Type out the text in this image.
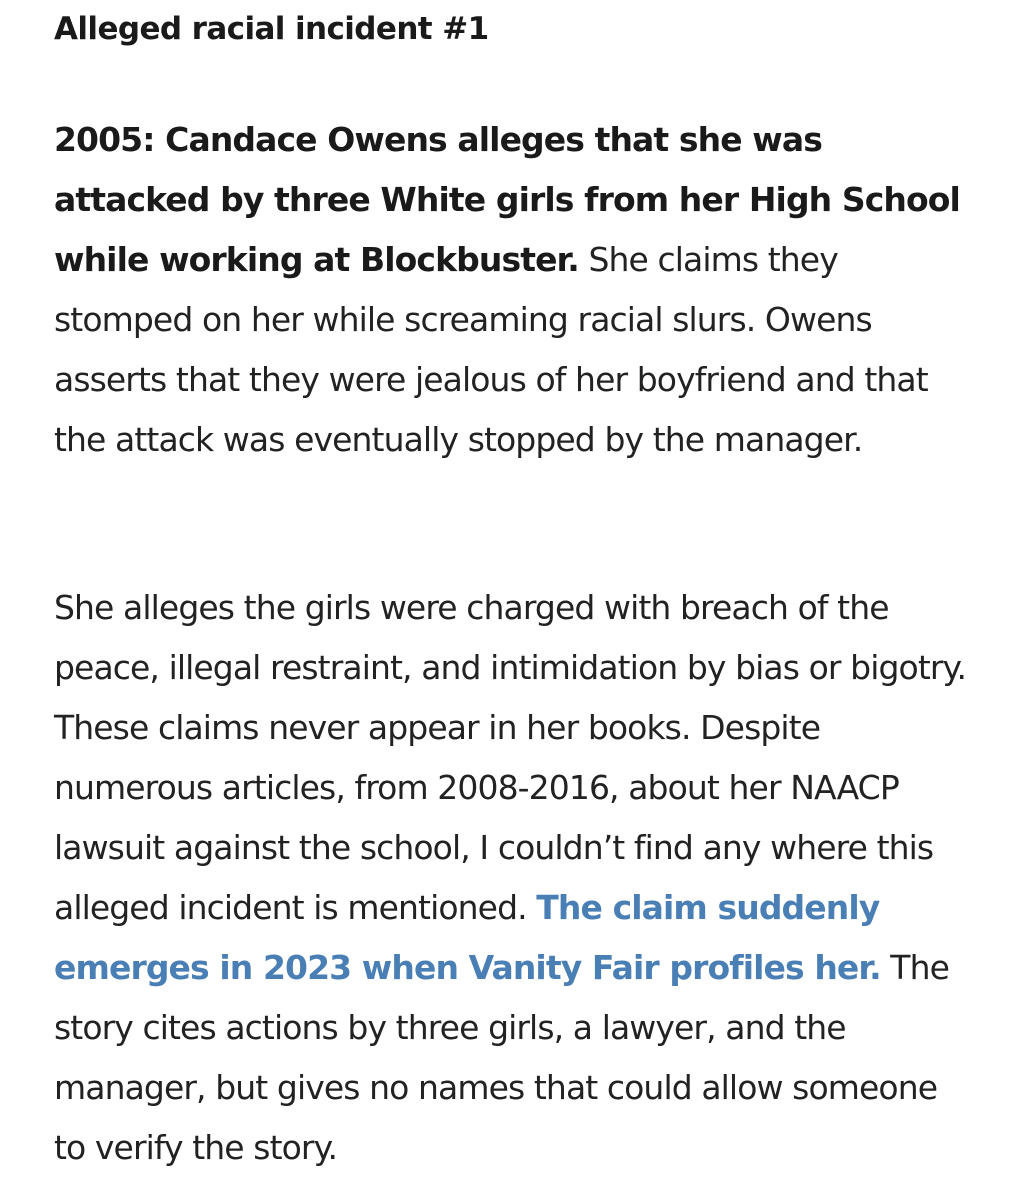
Alleged racial incident #1

2005: Candace Owens alleges that she was attacked by three White girls from her High School while working at Blockbuster. She claims they stomped on her while screaming racial slurs. Owens asserts that they were jealous of her boyfriend and that the attack was eventually stopped by the manager.

She alleges the girls were charged with breach of the peace, illegal restraint, and intimidation by bias or bigotry. These claims never appear in her books. Despite numerous articles, from 2008-2016, about her NAACP lawsuit against the school, I couldn’t find any where this alleged incident is mentioned. The claim suddenly emerges in 2023 when Vanity Fair profiles her. The story cites actions by three girls, a lawyer, and the manager, but gives no names that could allow someone to verify the story.
